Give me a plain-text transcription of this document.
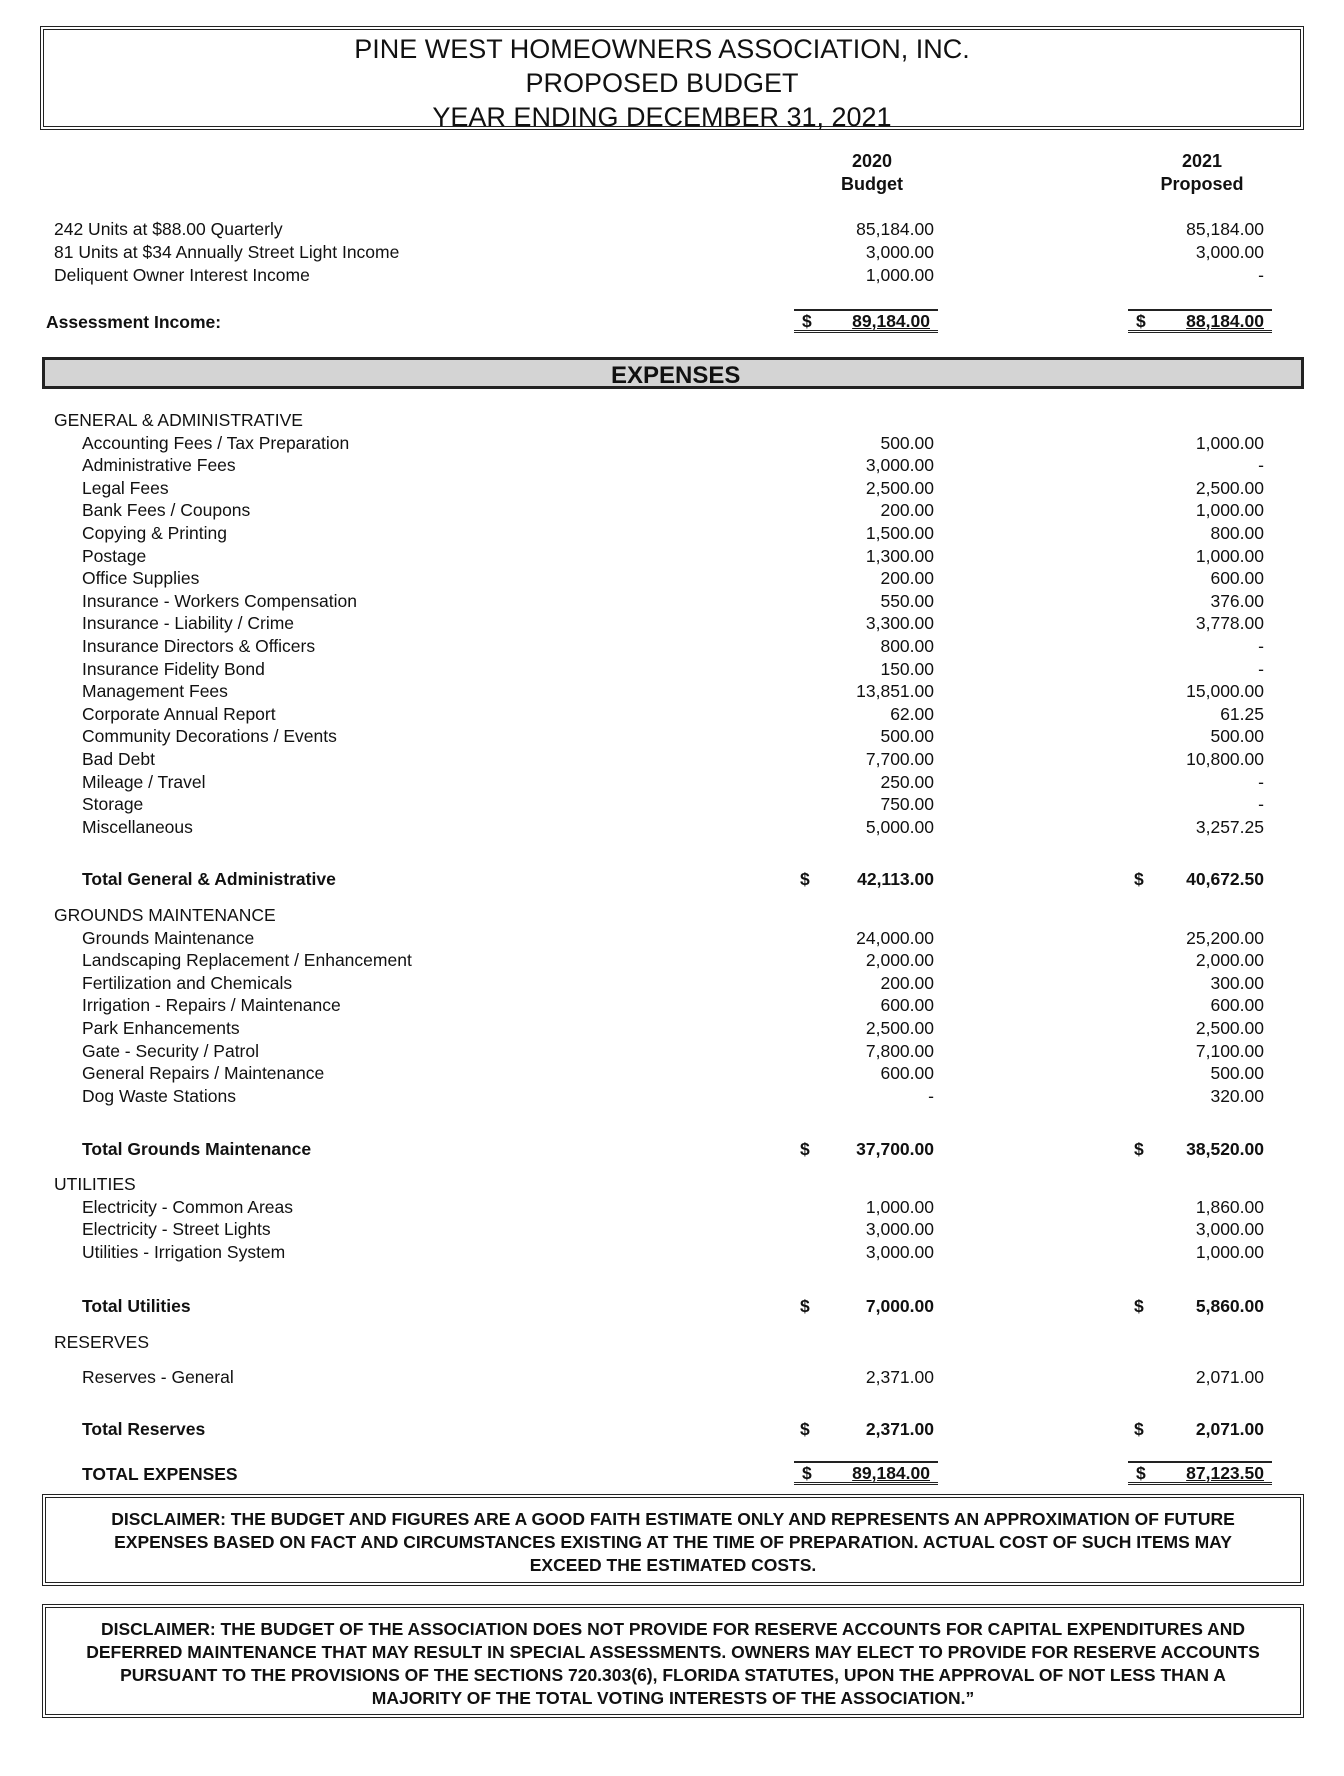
PINE WEST HOMEOWNERS ASSOCIATION, INC.
PROPOSED BUDGET
YEAR ENDING DECEMBER 31, 2021
2020
Budget
2021
Proposed
242 Units at $88.00 Quarterly	85,184.00	85,184.00
81 Units at $34 Annually Street Light Income	3,000.00	3,000.00
Deliquent Owner Interest Income	1,000.00	-
Assessment Income:	$ 89,184.00	$ 88,184.00
EXPENSES
GENERAL & ADMINISTRATIVE
Accounting Fees / Tax Preparation	500.00	1,000.00
Administrative Fees	3,000.00	-
Legal Fees	2,500.00	2,500.00
Bank Fees / Coupons	200.00	1,000.00
Copying & Printing	1,500.00	800.00
Postage	1,300.00	1,000.00
Office Supplies	200.00	600.00
Insurance - Workers Compensation	550.00	376.00
Insurance - Liability / Crime	3,300.00	3,778.00
Insurance Directors & Officers	800.00	-
Insurance Fidelity Bond	150.00	-
Management Fees	13,851.00	15,000.00
Corporate Annual Report	62.00	61.25
Community Decorations / Events	500.00	500.00
Bad Debt	7,700.00	10,800.00
Mileage / Travel	250.00	-
Storage	750.00	-
Miscellaneous	5,000.00	3,257.25
Total General & Administrative	$	42,113.00	$ 40,672.50
GROUNDS MAINTENANCE
Grounds Maintenance	24,000.00	25,200.00
Landscaping Replacement / Enhancement	2,000.00	2,000.00
Fertilization and Chemicals	200.00	300.00
Irrigation - Repairs / Maintenance	600.00	600.00
Park Enhancements	2,500.00	2,500.00
Gate - Security / Patrol	7,800.00	7,100.00
General Repairs / Maintenance	600.00	500.00
Dog Waste Stations	-	320.00
Total Grounds Maintenance	$	37,700.00	$ 38,520.00
UTILITIES
Electricity - Common Areas	1,000.00	1,860.00
Electricity - Street Lights	3,000.00	3,000.00
Utilities - Irrigation System	3,000.00	1,000.00
Total Utilities	$	7,000.00	$	5,860.00
RESERVES
Reserves - General	2,371.00	2,071.00
Total Reserves	$	2,371.00	$	2,071.00
TOTAL EXPENSES	$ 89,184.00	$ 87,123.50
DISCLAIMER: THE BUDGET AND FIGURES ARE A GOOD FAITH ESTIMATE ONLY AND REPRESENTS AN APPROXIMATION OF FUTURE
EXPENSES BASED ON FACT AND CIRCUMSTANCES EXISTING AT THE TIME OF PREPARATION. ACTUAL COST OF SUCH ITEMS MAY
EXCEED THE ESTIMATED COSTS.
DISCLAIMER: THE BUDGET OF THE ASSOCIATION DOES NOT PROVIDE FOR RESERVE ACCOUNTS FOR CAPITAL EXPENDITURES AND
DEFERRED MAINTENANCE THAT MAY RESULT IN SPECIAL ASSESSMENTS. OWNERS MAY ELECT TO PROVIDE FOR RESERVE ACCOUNTS
PURSUANT TO THE PROVISIONS OF THE SECTIONS 720.303(6), FLORIDA STATUTES, UPON THE APPROVAL OF NOT LESS THAN A
MAJORITY OF THE TOTAL VOTING INTERESTS OF THE ASSOCIATION.”
